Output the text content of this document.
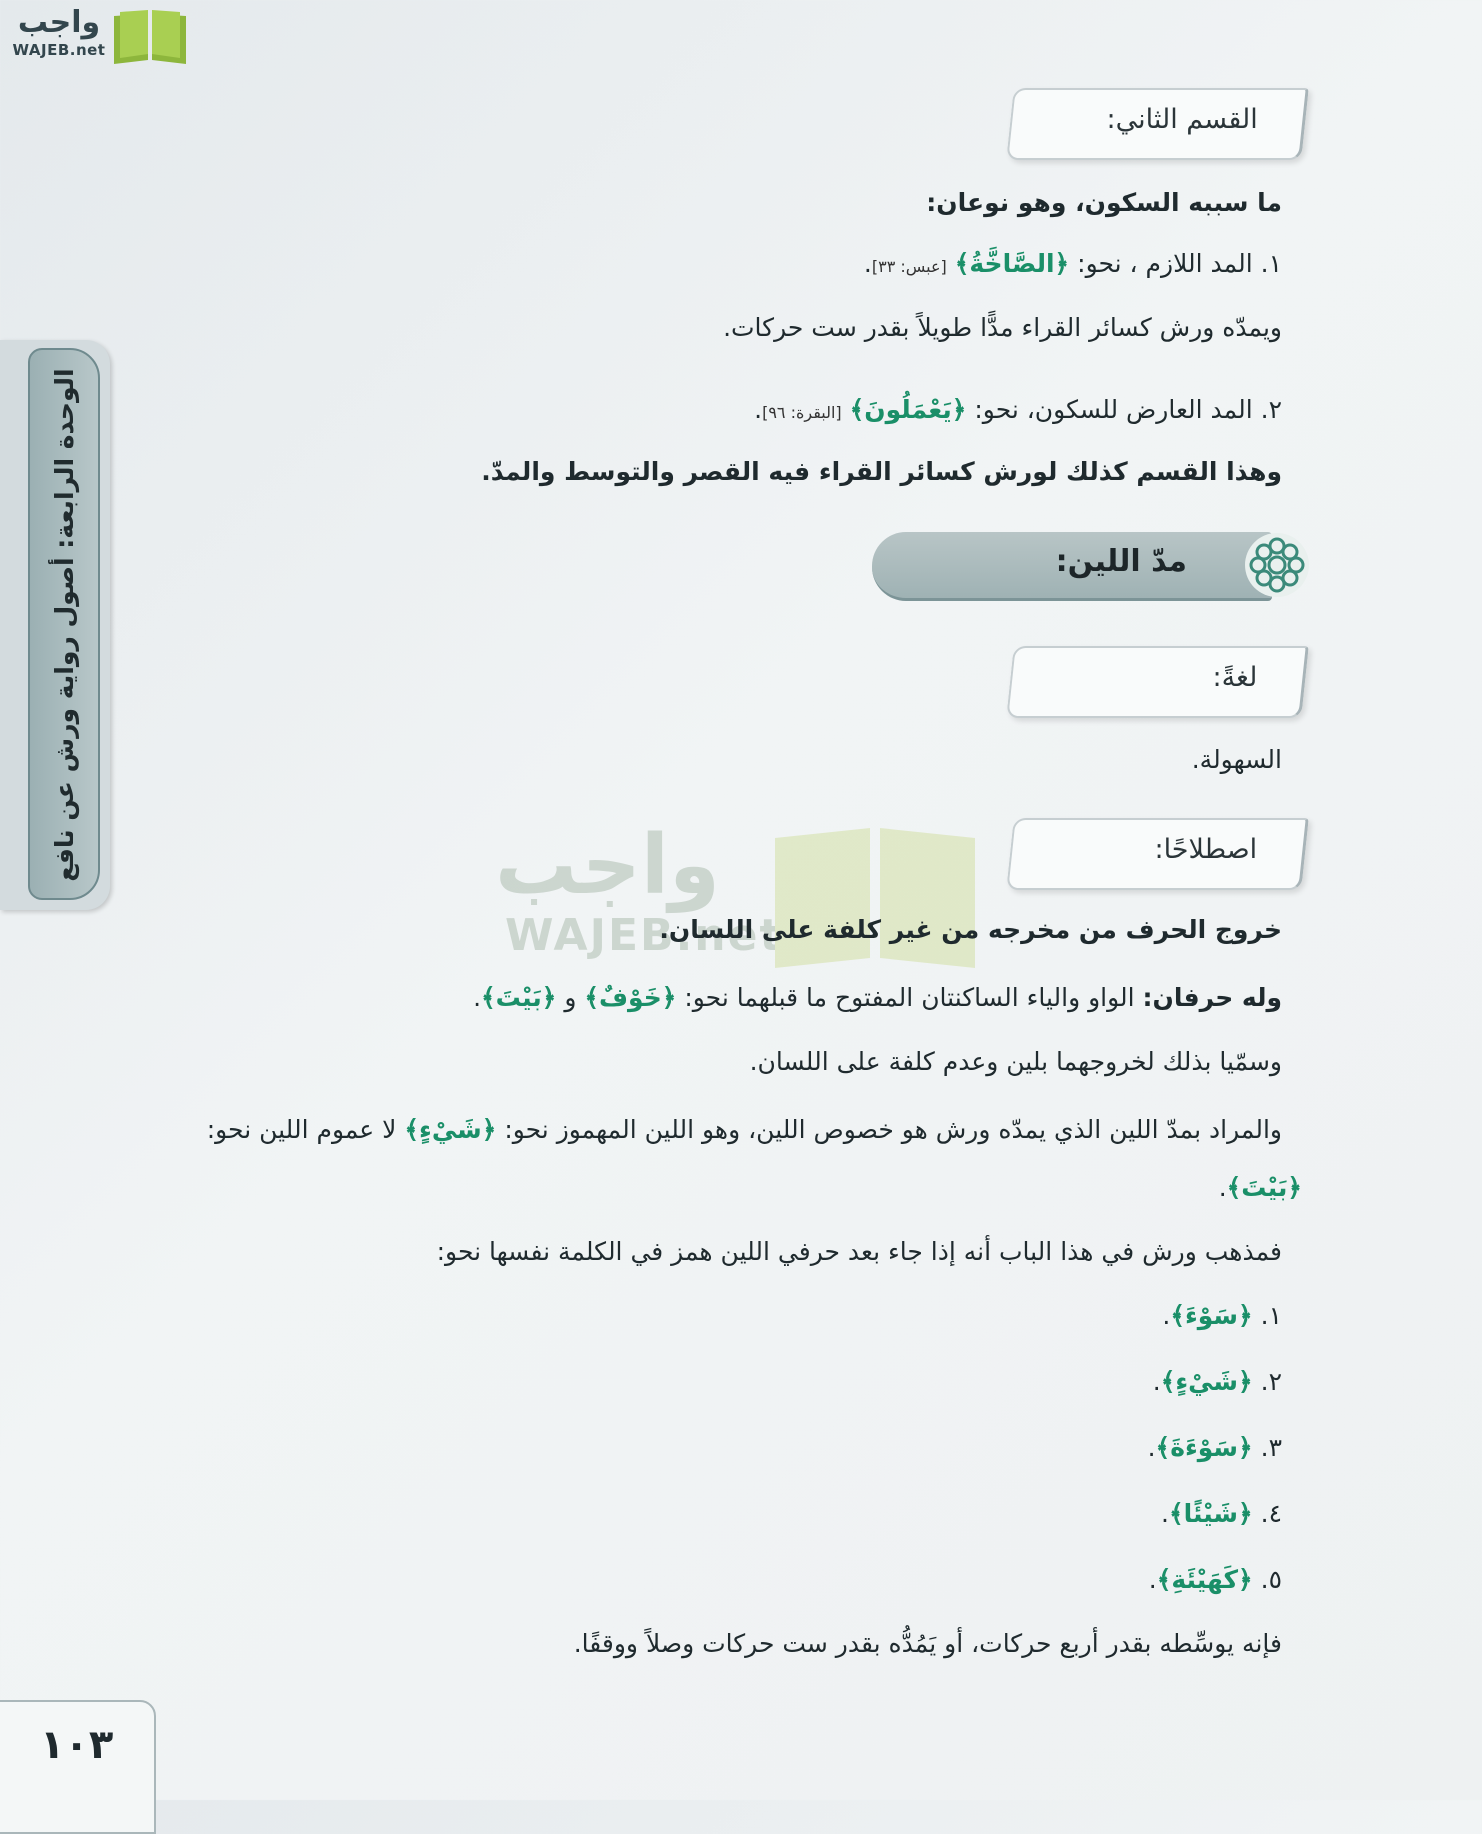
واجب
WAJEB.net
الوحدة الرابعة: أصول رواية ورش عن نافع
القسم الثاني:
ما سببه السكون، وهو نوعان:
١. المد اللازم ، نحو: ﴿الصَّاخَّةُ﴾ [عبس: ٣٣].
ويمدّه ورش كسائر القراء مدًّا طويلاً بقدر ست حركات.
٢. المد العارض للسكون، نحو: ﴿يَعْمَلُونَ﴾ [البقرة: ٩٦].
وهذا القسم كذلك لورش كسائر القراء فيه القصر والتوسط والمدّ.
مدّ اللين:
لغةً:
السهولة.
اصطلاحًا:
واجب
WAJEB.net
خروج الحرف من مخرجه من غير كلفة على اللسان.
وله حرفان: الواو والياء الساكنتان المفتوح ما قبلهما نحو: ﴿خَوْفٌ﴾ و ﴿بَيْتَ﴾.
وسمّيا بذلك لخروجهما بلين وعدم كلفة على اللسان.
والمراد بمدّ اللين الذي يمدّه ورش هو خصوص اللين، وهو اللين المهموز نحو: ﴿شَيْءٍ﴾ لا عموم اللين نحو:
﴿بَيْتَ﴾.
فمذهب ورش في هذا الباب أنه إذا جاء بعد حرفي اللين همز في الكلمة نفسها نحو:
١. ﴿سَوْءَ﴾.
٢. ﴿شَيْءٍ﴾.
٣. ﴿سَوْءَةَ﴾.
٤. ﴿شَيْئًا﴾.
٥. ﴿كَهَيْئَةِ﴾.
فإنه يوسِّطه بقدر أربع حركات، أو يَمُدُّه بقدر ست حركات وصلاً ووقفًا.
١٠٣
